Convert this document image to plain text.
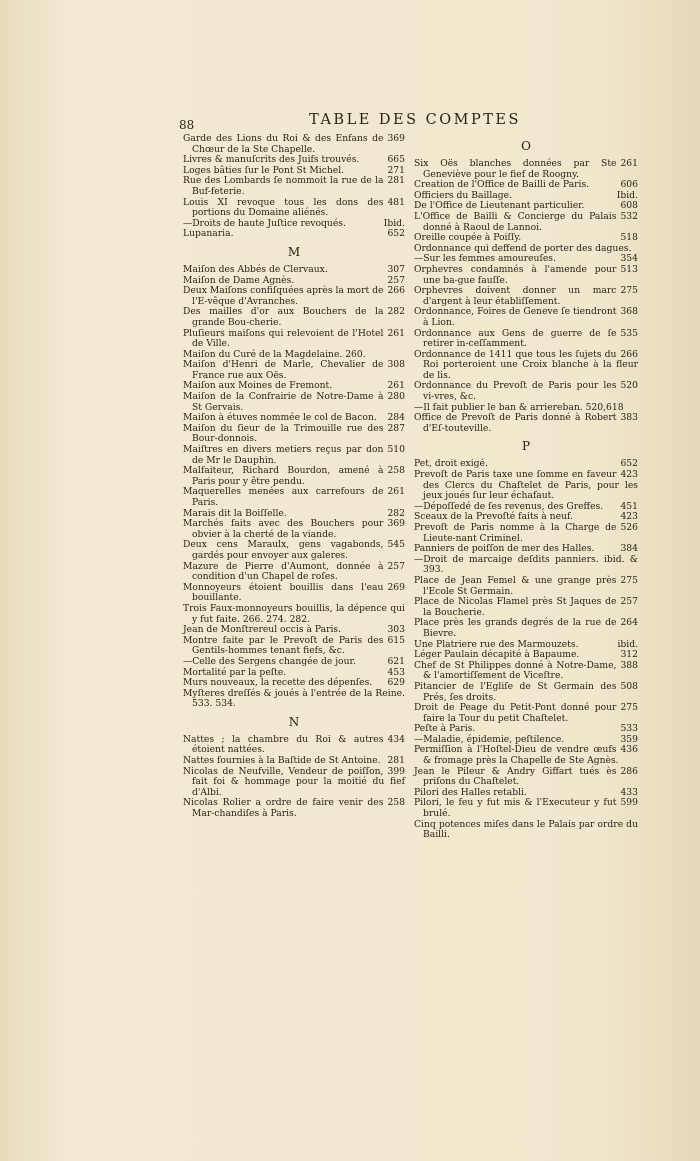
88	TABLE DES COMPTES
369
Garde des Lions du Roi & des Enfans de Chœur de la Ste Chapelle.
665
Livres & manuſcrits des Juifs trouvés.
271
Loges bâties ſur le Pont St Michel.
281
Rue des Lombards ſe nommoit la rue de la Buf-feterie.
481
Louis XI revoque tous les dons des portions du Domaine aliénés.
Ibid.
—Droits de haute Juſtice revoqués.
652
Lupanaria.
M
307
Maiſon des Abbés de Clervaux.
257
Maiſon de Dame Agnès.
266
Deux Maiſons confiſquées après la mort de l'E-vêque d'Avranches.
282
Des mailles d'or aux Bouchers de la grande Bou-cherie.
261
Pluſieurs maiſons qui relevoient de l'Hotel de Ville.
Maiſon du Curé de la Magdelaine. 260.
308
Maiſon d'Henri de Marle, Chevalier de France rue aux Oës.
261
Maiſon aux Moines de Fremont.
280
Maiſon de la Confrairie de Notre-Dame à St Gervais.
284
Maiſon à étuves nommée le col de Bacon.
287
Maiſon du ſieur de la Trimouille rue des Bour-donnois.
510
Maiſtres en divers metiers reçus par don de Mr le Dauphin.
258
Malfaiteur, Richard Bourdon, amené à Paris pour y être pendu.
261
Maquerelles menées aux carrefours de Paris.
282
Marais dit la Boiſſelle.
369
Marchés faits avec des Bouchers pour obvier à la cherté de la viande.
545
Deux cens Maraulx, gens vagabonds, gardés pour envoyer aux galeres.
257
Mazure de Pierre d'Aumont, donnée à condition d'un Chapel de roſes.
269
Monnoyeurs étoient bouillis dans l'eau bouillante.
Trois Faux-monnoyeurs bouillis, la dépence qui y fut faite. 266. 274. 282.
303
Jean de Monſtrereul occis à Paris.
615
Montre faite par le Prevoſt de Paris des Gentils-hommes tenant fiefs, &c.
621
—Celle des Sergens changée de jour.
453
Mortalité par la peſte.
629
Murs nouveaux, la recette des dépenſes.
Myſteres dreſſés & joués à l'entrée de la Reine. 533. 534.
N
434
Nattes ; la chambre du Roi & autres étoient nattées.
281
Nattes fournies à la Baſtide de St Antoine.
399
Nicolas de Neufville, Vendeur de poiſſon, fait foi & hommage pour la moitié du fief d'Albi.
258
Nicolas Rolier a ordre de faire venir des Mar-chandiſes à Paris.
O
261
Six Oës blanches données par Ste Geneviève pour le fief de Roogny.
606
Creation de l'Office de Bailli de Paris.
Ibid.
Officiers du Baillage.
608
De l'Office de Lieutenant particulier.
532
L'Office de Bailli & Concierge du Palais donné à Raoul de Lannoi.
518
Oreille coupée à Poiſſy.
Ordonnance qui deffend de porter des dagues.
354
—Sur les femmes amoureuſes.
513
Orphevres condamnés à l'amende pour une ba-gue fauſſe.
275
Orphevres doivent donner un marc d'argent à leur établiſſement.
368
Ordonnance, Foires de Geneve ſe tiendront à Lion.
535
Ordonnance aux Gens de guerre de ſe retirer in-ceſſamment.
266
Ordonnance de 1411 que tous les ſujets du Roi porteroient une Croix blanche à la fleur de lis.
520
Ordonnance du Prevoſt de Paris pour les vi-vres, &c.
—Il fait publier le ban & arriereban. 520,618
383
Office de Prevoſt de Paris donné à Robert d'Eſ-touteville.
P
652
Pet, droit exigé.
423
Prevoſt de Paris taxe une ſomme en faveur des Clercs du Chaſtelet de Paris, pour les jeux joués ſur leur échafaut.
451
—Dépoſſedé de ſes revenus, des Greffes.
423
Sceaux de la Prevoſté faits à neuf.
526
Prevoſt de Paris nomme à la Charge de Lieute-nant Criminel.
384
Panniers de poiſſon de mer des Halles.
—Droit de marcaige deſdits panniers. ibid. & 393.
275
Place de Jean Femel & une grange près l'Ecole St Germain.
257
Place de Nicolas Flamel près St Jaques de la Boucherie.
264
Place près les grands degrés de la rue de Bievre.
ibid.
Une Platriere rue des Marmouzets.
312
Léger Paulain décapité à Bapaume.
388
Chef de St Philippes donné à Notre-Dame, & l'amortiſſement de Viceſtre.
508
Pitancier de l'Egliſe de St Germain des Prés, ſes droits.
275
Droit de Peage du Petit-Pont donné pour faire la Tour du petit Chaſtelet.
533
Peſte à Paris.
359
—Maladie, épidemie, peſtilence.
436
Permiſſion à l'Hoſtel-Dieu de vendre œufs & fromage près la Chapelle de Ste Agnès.
286
Jean le Pileur & Andry Giffart tués ès priſons du Chaſtelet.
433
Pilori des Halles retabli.
599
Pilori, le feu y fut mis & l'Executeur y fut brulé.
Cinq potences miſes dans le Palais par ordre du Bailli.
